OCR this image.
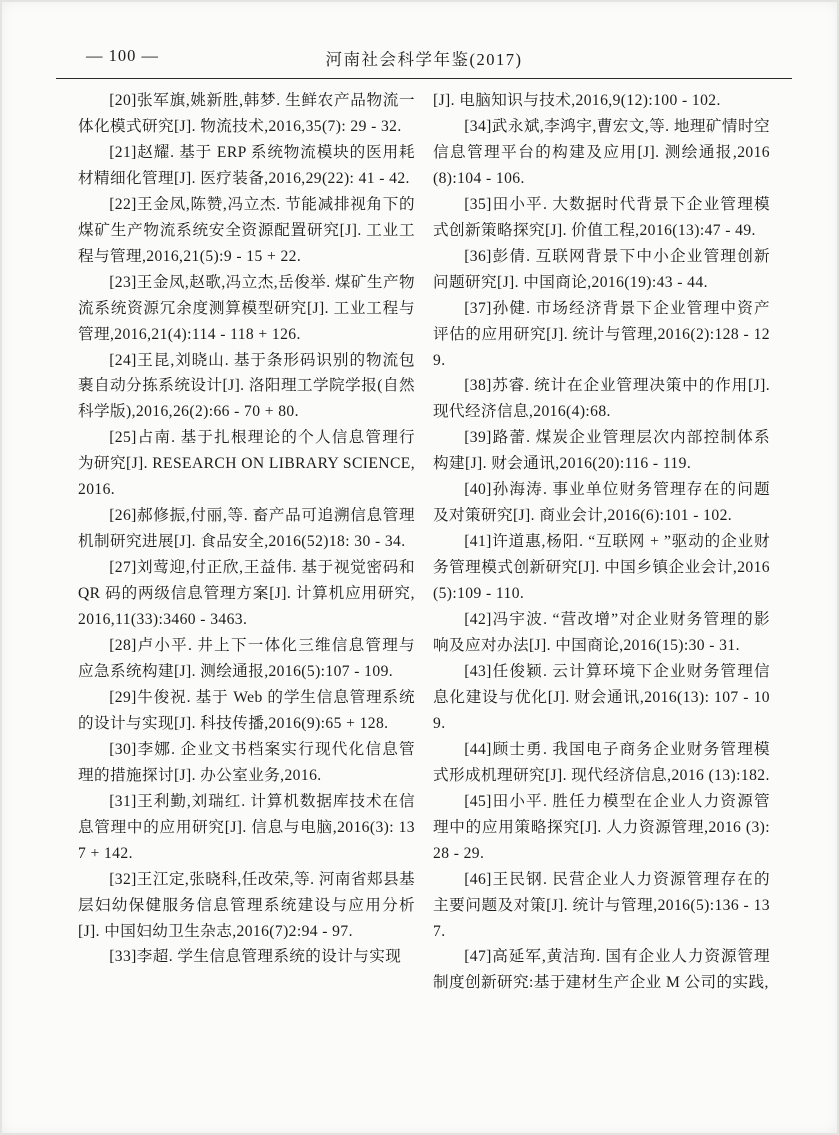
— 100 —	河南社会科学年鉴(2017)

[20]张军旗,姚新胜,韩梦. 生鲜农产品物流一体化模式研究[J]. 物流技术,2016,35(7): 29 - 32.

[21]赵耀. 基于 ERP 系统物流模块的医用耗材精细化管理[J]. 医疗装备,2016,29(22): 41 - 42.

[22]王金凤,陈赞,冯立杰. 节能减排视角下的煤矿生产物流系统安全资源配置研究[J]. 工业工程与管理,2016,21(5):9 - 15 + 22.

[23]王金凤,赵歌,冯立杰,岳俊举. 煤矿生产物流系统资源冗余度测算模型研究[J]. 工业工程与管理,2016,21(4):114 - 118 + 126.

[24]王昆,刘晓山. 基于条形码识别的物流包裹自动分拣系统设计[J]. 洛阳理工学院学报(自然科学版),2016,26(2):66 - 70 + 80.

[25]占南. 基于扎根理论的个人信息管理行为研究[J]. RESEARCH ON LIBRARY SCIENCE,2016.

[26]郝修振,付丽,等. 畜产品可追溯信息管理机制研究进展[J]. 食品安全,2016(52)18: 30 - 34.

[27]刘莺迎,付正欣,王益伟. 基于视觉密码和 QR 码的两级信息管理方案[J]. 计算机应用研究,2016,11(33):3460 - 3463.

[28]卢小平. 井上下一体化三维信息管理与应急系统构建[J]. 测绘通报,2016(5):107 - 109.

[29]牛俊祝. 基于 Web 的学生信息管理系统的设计与实现[J]. 科技传播,2016(9):65 + 128.

[30]李娜. 企业文书档案实行现代化信息管理的措施探讨[J]. 办公室业务,2016.

[31]王利勤,刘瑞红. 计算机数据库技术在信息管理中的应用研究[J]. 信息与电脑,2016(3): 137 + 142.

[32]王江定,张晓科,任改荣,等. 河南省郏县基层妇幼保健服务信息管理系统建设与应用分析[J]. 中国妇幼卫生杂志,2016(7)2:94 - 97.

[33]李超. 学生信息管理系统的设计与实现

[J]. 电脑知识与技术,2016,9(12):100 - 102.

[34]武永斌,李鸿宇,曹宏文,等. 地理矿情时空信息管理平台的构建及应用[J]. 测绘通报,2016(8):104 - 106.

[35]田小平. 大数据时代背景下企业管理模式创新策略探究[J]. 价值工程,2016(13):47 - 49.

[36]彭倩. 互联网背景下中小企业管理创新问题研究[J]. 中国商论,2016(19):43 - 44.

[37]孙健. 市场经济背景下企业管理中资产评估的应用研究[J]. 统计与管理,2016(2):128 - 129.

[38]苏睿. 统计在企业管理决策中的作用[J]. 现代经济信息,2016(4):68.

[39]路蕾. 煤炭企业管理层次内部控制体系构建[J]. 财会通讯,2016(20):116 - 119.

[40]孙海涛. 事业单位财务管理存在的问题及对策研究[J]. 商业会计,2016(6):101 - 102.

[41]许道惠,杨阳. “互联网 + ”驱动的企业财务管理模式创新研究[J]. 中国乡镇企业会计,2016(5):109 - 110.

[42]冯宇波. “营改增”对企业财务管理的影响及应对办法[J]. 中国商论,2016(15):30 - 31.

[43]任俊颖. 云计算环境下企业财务管理信息化建设与优化[J]. 财会通讯,2016(13): 107 - 109.

[44]顾士勇. 我国电子商务企业财务管理模式形成机理研究[J]. 现代经济信息,2016 (13):182.

[45]田小平. 胜任力模型在企业人力资源管理中的应用策略探究[J]. 人力资源管理,2016 (3):28 - 29.

[46]王民钢. 民营企业人力资源管理存在的主要问题及对策[J]. 统计与管理,2016(5):136 - 137.

[47]高延军,黄洁珣. 国有企业人力资源管理制度创新研究:基于建材生产企业 M 公司的实践,
